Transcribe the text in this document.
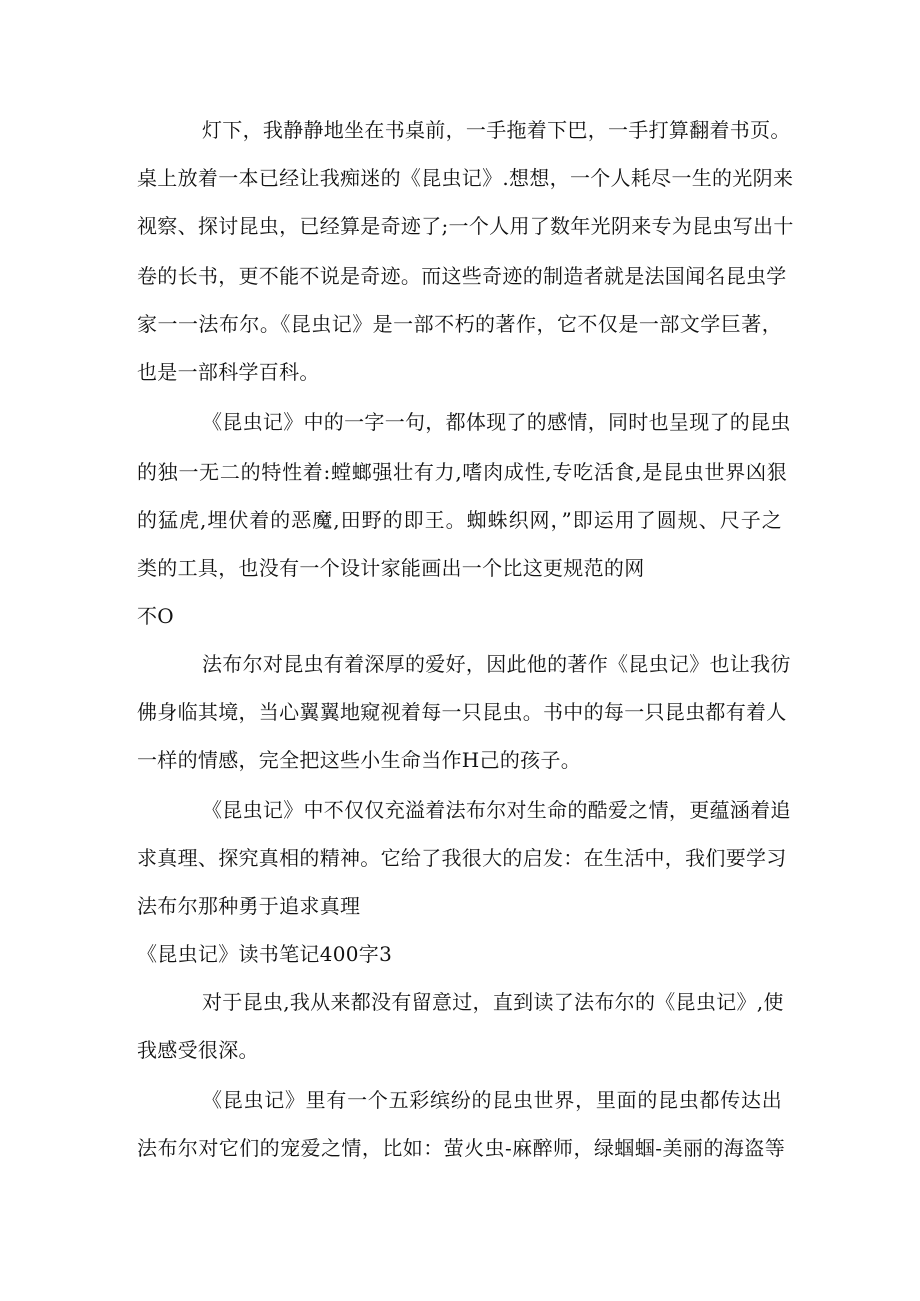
灯下，我静静地坐在书桌前，一手拖着下巴，一手打算翻着书页。
桌上放着一本已经让我痴迷的《昆虫记》.想想，一个人耗尽一生的光阴来
视察、探讨昆虫，已经算是奇迹了;一个人用了数年光阴来专为昆虫写出十
卷的长书，更不能不说是奇迹。而这些奇迹的制造者就是法国闻名昆虫学
家一一法布尔。《昆虫记》是一部不朽的著作，它不仅是一部文学巨著，
也是一部科学百科。
《昆虫记》中的一字一句，都体现了的感情，同时也呈现了的昆虫
的独一无二的特性着:螳螂强壮有力,嗜肉成性,专吃活食,是昆虫世界凶狠
的猛虎,埋伏着的恶魔,田野的即王。蜘蛛织网，”即运用了圆规、尺子之
类的工具，也没有一个设计家能画出一个比这更规范的网
不O
法布尔对昆虫有着深厚的爱好，因此他的著作《昆虫记》也让我彷
佛身临其境，当心翼翼地窥视着每一只昆虫。书中的每一只昆虫都有着人
一样的情感，完全把这些小生命当作H己的孩子。
《昆虫记》中不仅仅充溢着法布尔对生命的酷爱之情，更蕴涵着追
求真理、探究真相的精神。它给了我很大的启发：在生活中，我们要学习
法布尔那种勇于追求真理
《昆虫记》读书笔记400字3
对于昆虫,我从来都没有留意过，直到读了法布尔的《昆虫记》,使
我感受很深。
《昆虫记》里有一个五彩缤纷的昆虫世界，里面的昆虫都传达出
法布尔对它们的宠爱之情，比如：萤火虫-麻醉师，绿蝈蝈-美丽的海盗等
